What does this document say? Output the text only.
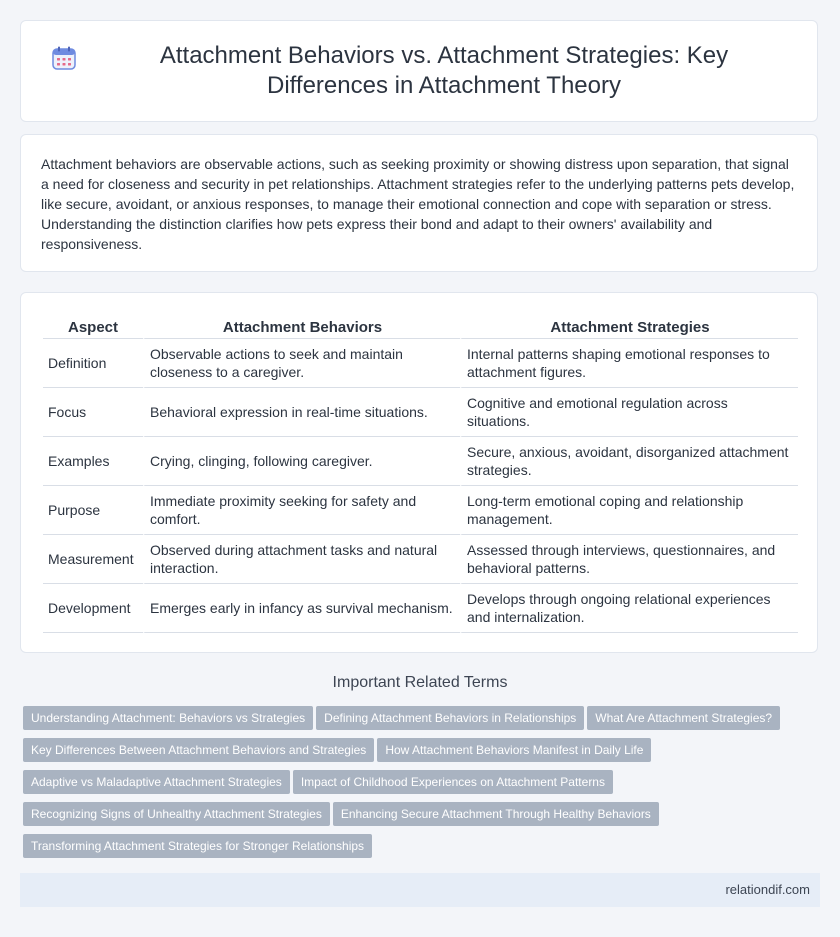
Attachment Behaviors vs. Attachment Strategies: Key Differences in Attachment Theory

Attachment behaviors are observable actions, such as seeking proximity or showing distress upon separation, that signal a need for closeness and security in pet relationships. Attachment strategies refer to the underlying patterns pets develop, like secure, avoidant, or anxious responses, to manage their emotional connection and cope with separation or stress. Understanding the distinction clarifies how pets express their bond and adapt to their owners' availability and responsiveness.

Aspect	Attachment Behaviors	Attachment Strategies
Definition	Observable actions to seek and maintain closeness to a caregiver.	Internal patterns shaping emotional responses to attachment figures.
Focus	Behavioral expression in real-time situations.	Cognitive and emotional regulation across situations.
Examples	Crying, clinging, following caregiver.	Secure, anxious, avoidant, disorganized attachment strategies.
Purpose	Immediate proximity seeking for safety and comfort.	Long-term emotional coping and relationship management.
Measurement	Observed during attachment tasks and natural interaction.	Assessed through interviews, questionnaires, and behavioral patterns.
Development	Emerges early in infancy as survival mechanism.	Develops through ongoing relational experiences and internalization.
Important Related Terms
Understanding Attachment: Behaviors vs Strategies Defining Attachment Behaviors in Relationships What Are Attachment Strategies?
Key Differences Between Attachment Behaviors and Strategies How Attachment Behaviors Manifest in Daily Life
Adaptive vs Maladaptive Attachment Strategies Impact of Childhood Experiences on Attachment Patterns
Recognizing Signs of Unhealthy Attachment Strategies Enhancing Secure Attachment Through Healthy Behaviors
Transforming Attachment Strategies for Stronger Relationships
relationdif.com
